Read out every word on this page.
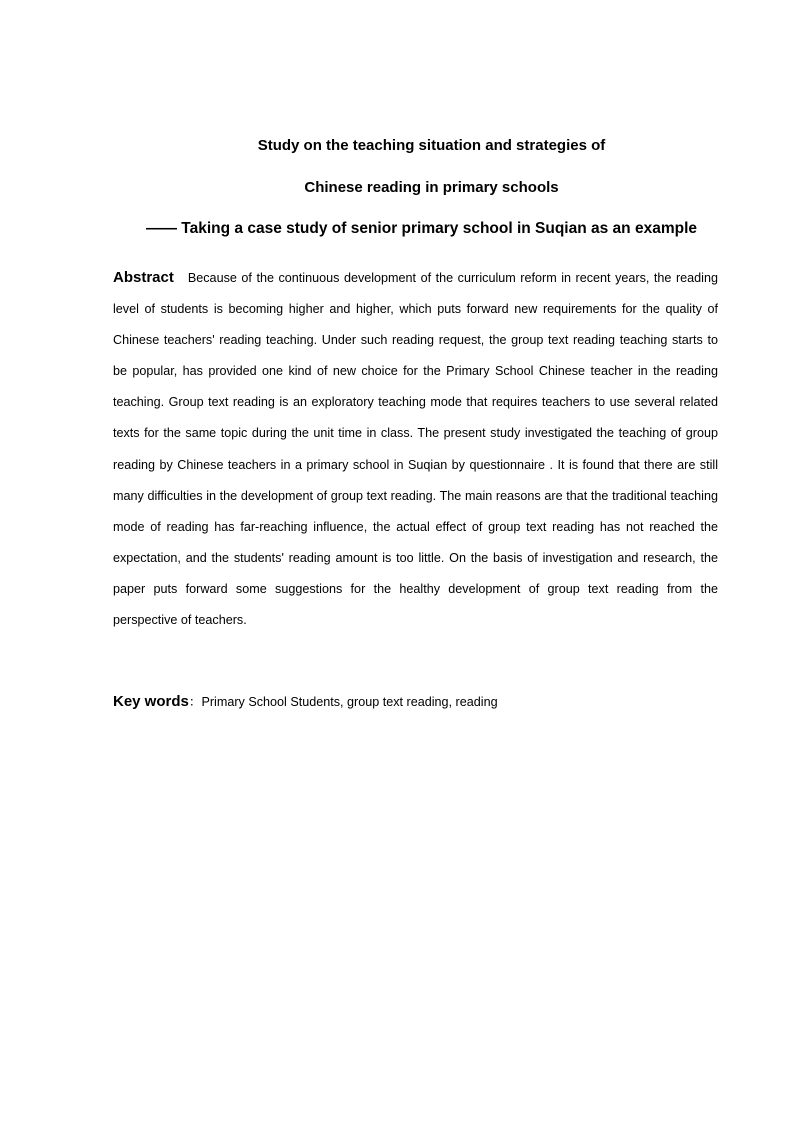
Study on the teaching situation and strategies of
Chinese reading in primary schools
—— Taking a case study of senior primary school in Suqian as an example

Abstract Because of the continuous development of the curriculum reform in recent years, the reading level of students is becoming higher and higher, which puts forward new requirements for the quality of Chinese teachers' reading teaching. Under such reading request, the group text reading teaching starts to be popular, has provided one kind of new choice for the Primary School Chinese teacher in the reading teaching. Group text reading is an exploratory teaching mode that requires teachers to use several related texts for the same topic during the unit time in class. The present study investigated the teaching of group reading by Chinese teachers in a primary school in Suqian by questionnaire . It is found that there are still many difficulties in the development of group text reading. The main reasons are that the traditional teaching mode of reading has far-reaching influence, the actual effect of group text reading has not reached the expectation, and the students' reading amount is too little. On the basis of investigation and research, the paper puts forward some suggestions for the healthy development of group text reading from the perspective of teachers.

Key words：Primary School Students, group text reading, reading
